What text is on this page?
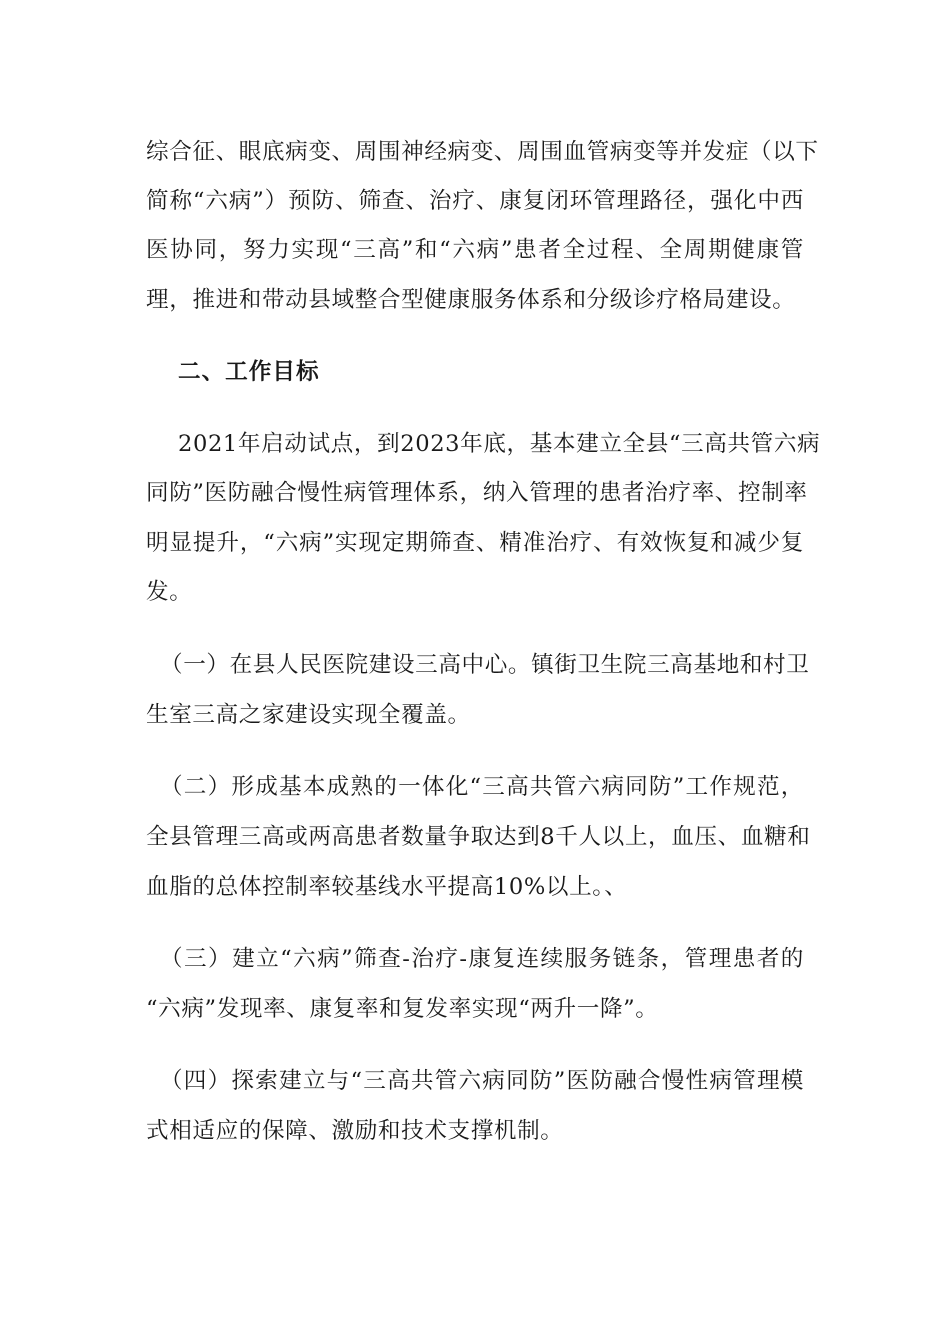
综合征、眼底病变、周围神经病变、周围血管病变等并发症（以下
简称“六病”）预防、筛查、治疗、康复闭环管理路径，强化中西
医协同，努力实现“三高”和“六病”患者全过程、全周期健康管
理，推进和带动县域整合型健康服务体系和分级诊疗格局建设。
二、工作目标
2021年启动试点，到2023年底，基本建立全县“三高共管六病
同防”医防融合慢性病管理体系，纳入管理的患者治疗率、控制率
明显提升，“六病”实现定期筛查、精准治疗、有效恢复和减少复
发。
（一）在县人民医院建设三高中心。镇街卫生院三高基地和村卫
生室三高之家建设实现全覆盖。
（二）形成基本成熟的一体化“三高共管六病同防”工作规范，
全县管理三高或两高患者数量争取达到8千人以上，血压、血糖和
血脂的总体控制率较基线水平提高10%以上。、
（三）建立“六病”筛查-治疗-康复连续服务链条，管理患者的
“六病”发现率、康复率和复发率实现“两升一降”。
（四）探索建立与“三高共管六病同防”医防融合慢性病管理模
式相适应的保障、激励和技术支撑机制。
